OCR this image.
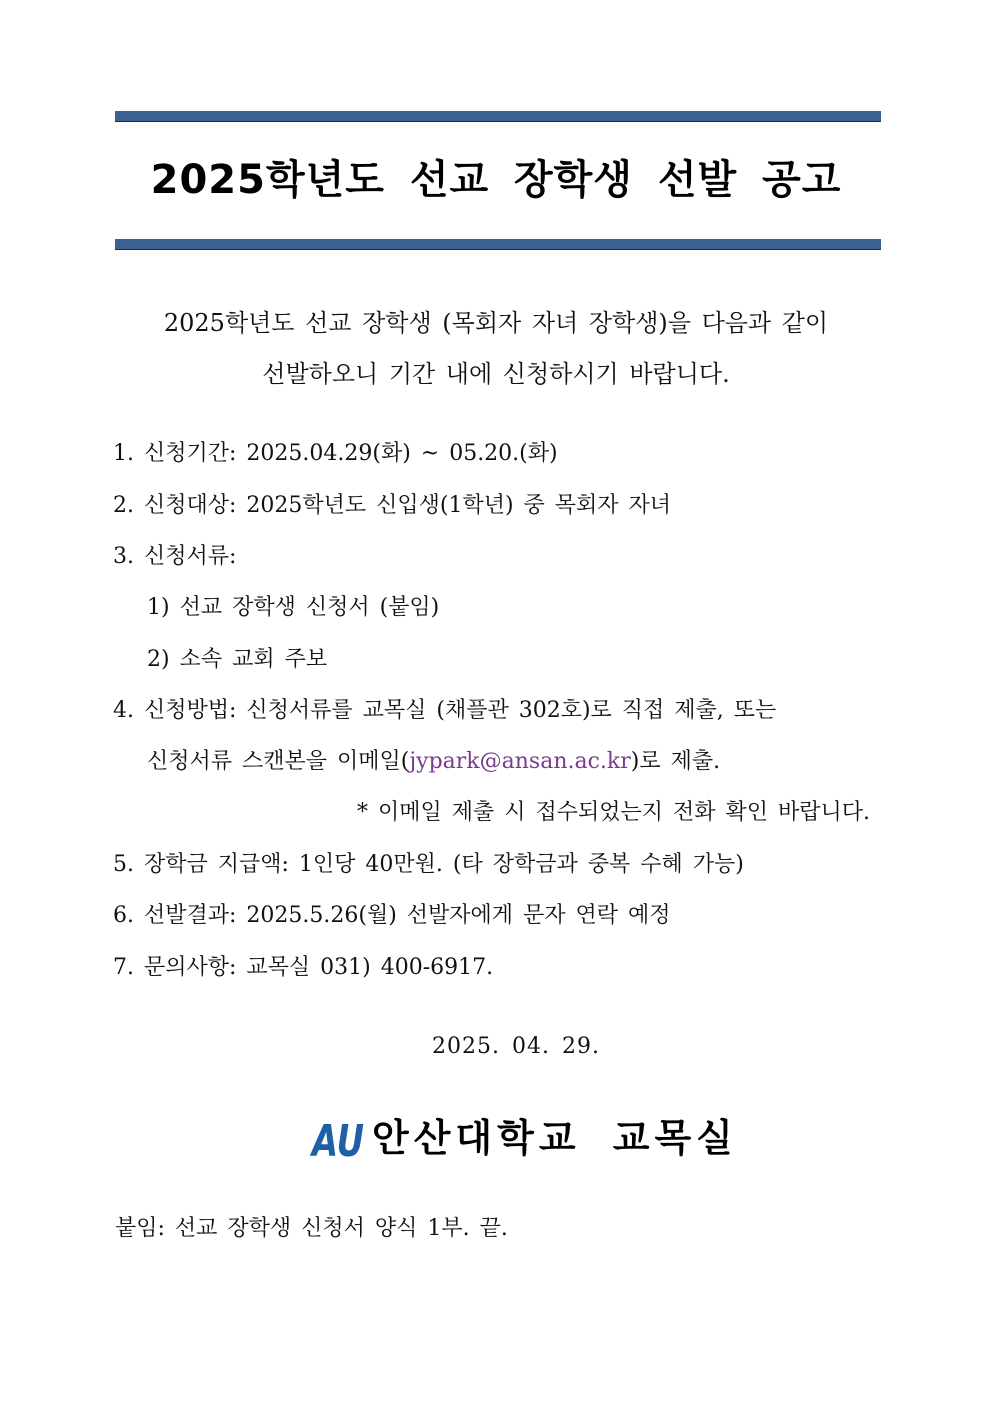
2025학년도 선교 장학생 선발 공고
2025학년도 선교 장학생 (목회자 자녀 장학생)을 다음과 같이
선발하오니 기간 내에 신청하시기 바랍니다.
1. 신청기간: 2025.04.29(화) ~ 05.20.(화)
2. 신청대상: 2025학년도 신입생(1학년) 중 목회자 자녀
3. 신청서류:
1) 선교 장학생 신청서 (붙임)
2) 소속 교회 주보
4. 신청방법: 신청서류를 교목실 (채플관 302호)로 직접 제출, 또는
신청서류 스캔본을 이메일(jypark@ansan.ac.kr)로 제출.
* 이메일 제출 시 접수되었는지 전화 확인 바랍니다.
5. 장학금 지급액: 1인당 40만원. (타 장학금과 중복 수혜 가능)
6. 선발결과: 2025.5.26(월) 선발자에게 문자 연락 예정
7. 문의사항: 교목실 031) 400-6917.
2025. 04. 29.
AU 안산대학교 교목실
붙임: 선교 장학생 신청서 양식 1부. 끝.
